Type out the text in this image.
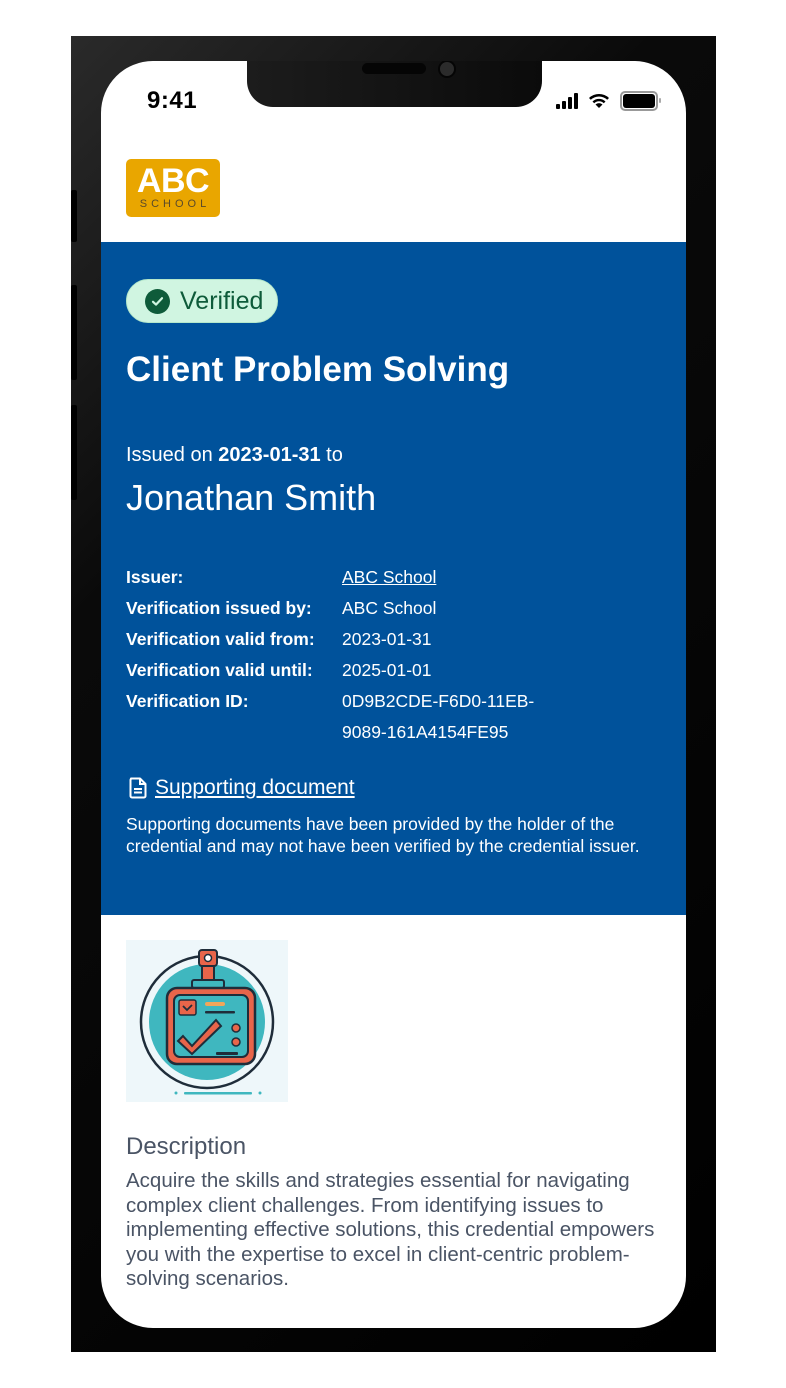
9:41
ABC
SCHOOL
Verified
Client Problem Solving
Issued on 2023-01-31 to
Jonathan Smith
Issuer:	ABC School
Verification issued by:	ABC School
Verification valid from:	2023-01-31
Verification valid until:	2025-01-01
Verification ID:	0D9B2CDE-F6D0-11EB-
9089-161A4154FE95
Supporting document
Supporting documents have been provided by the holder of the credential and may not have been verified by the credential issuer.
Description
Acquire the skills and strategies essential for navigating complex client challenges. From identifying issues to implementing effective solutions, this credential empowers you with the expertise to excel in client-centric problem-solving scenarios.
